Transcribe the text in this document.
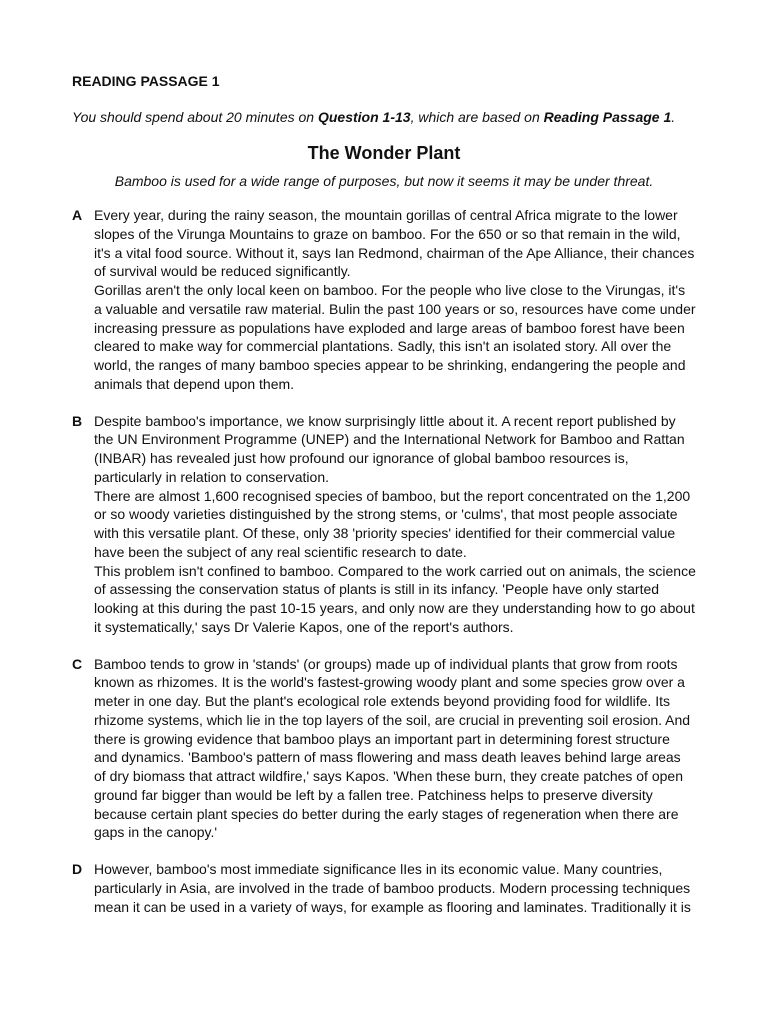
READING PASSAGE 1

You should spend about 20 minutes on Question 1-13, which are based on Reading Passage 1.

The Wonder Plant

Bamboo is used for a wide range of purposes, but now it seems it may be under threat.

A Every year, during the rainy season, the mountain gorillas of central Africa migrate to the lower slopes of the Virunga Mountains to graze on bamboo. For the 650 or so that remain in the wild, it's a vital food source. Without it, says Ian Redmond, chairman of the Ape Alliance, their chances of survival would be reduced significantly.

Gorillas aren't the only local keen on bamboo. For the people who live close to the Virungas, it's a valuable and versatile raw material. Bulin the past 100 years or so, resources have come under increasing pressure as populations have exploded and large areas of bamboo forest have been cleared to make way for commercial plantations. Sadly, this isn't an isolated story. All over the world, the ranges of many bamboo species appear to be shrinking, endangering the people and animals that depend upon them.

B Despite bamboo's importance, we know surprisingly little about it. A recent report published by the UN Environment Programme (UNEP) and the International Network for Bamboo and Rattan (INBAR) has revealed just how profound our ignorance of global bamboo resources is, particularly in relation to conservation.

There are almost 1,600 recognised species of bamboo, but the report concentrated on the 1,200 or so woody varieties distinguished by the strong stems, or 'culms', that most people associate with this versatile plant. Of these, only 38 'priority species' identified for their commercial value have been the subject of any real scientific research to date.

This problem isn't confined to bamboo. Compared to the work carried out on animals, the science of assessing the conservation status of plants is still in its infancy. 'People have only started looking at this during the past 10-15 years, and only now are they understanding how to go about it systematically,' says Dr Valerie Kapos, one of the report's authors.

C Bamboo tends to grow in 'stands' (or groups) made up of individual plants that grow from roots known as rhizomes. It is the world's fastest-growing woody plant and some species grow over a meter in one day. But the plant's ecological role extends beyond providing food for wildlife. Its rhizome systems, which lie in the top layers of the soil, are crucial in preventing soil erosion. And there is growing evidence that bamboo plays an important part in determining forest structure and dynamics. 'Bamboo's pattern of mass flowering and mass death leaves behind large areas of dry biomass that attract wildfire,' says Kapos. 'When these burn, they create patches of open ground far bigger than would be left by a fallen tree. Patchiness helps to preserve diversity because certain plant species do better during the early stages of regeneration when there are gaps in the canopy.'

D However, bamboo's most immediate significance lIes in its economic value. Many countries, particularly in Asia, are involved in the trade of bamboo products. Modern processing techniques mean it can be used in a variety of ways, for example as flooring and laminates. Traditionally it is
